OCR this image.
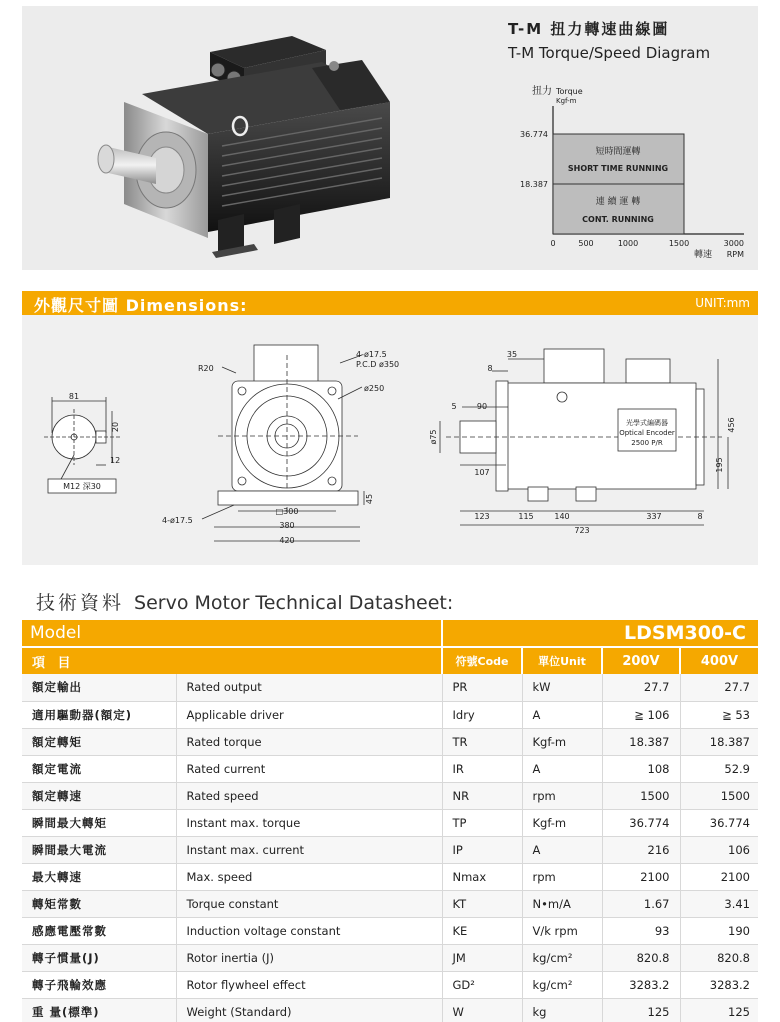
T-M 扭力轉速曲線圖
T-M Torque/Speed Diagram
扭力 Torque
Kgf-m
短時間運轉
SHORT TIME RUNNING
連 續 運 轉
CONT. RUNNING
36.774
18.387
0	500	1000	1500	3000
轉速 RPM
外觀尺寸圖 Dimensions:	UNIT:mm
81
20
12
M12 深30
R20
4-ø17.5
P.C.D ø350
ø250
□300
380
420
45
4-ø17.5
35
8
5	90
ø75
107
123	115	140	337	8
723
456
195
光學式編碼器
Optical Encoder
2500 P/R
技術資料 Servo Motor Technical Datasheet:
Model		LDSM300-C			
項 目		符號Code	單位Unit	200V	400V
額定輸出	Rated output	PR	kW	27.7	27.7
適用驅動器(額定)	Applicable driver	Idry	A	≧ 106	≧ 53
額定轉矩	Rated torque	TR	Kgf-m	18.387	18.387
額定電流	Rated current	IR	A	108	52.9
額定轉速	Rated speed	NR	rpm	1500	1500
瞬間最大轉矩	Instant max. torque	TP	Kgf-m	36.774	36.774
瞬間最大電流	Instant max. current	IP	A	216	106
最大轉速	Max. speed	Nmax	rpm	2100	2100
轉矩常數	Torque constant	KT	N•m/A	1.67	3.41
感應電壓常數	Induction voltage constant	KE	V/k rpm	93	190
轉子慣量(J)	Rotor inertia (J)	JM	kg/cm²	820.8	820.8
轉子飛輪效應	Rotor flywheel effect	GD²	kg/cm²	3283.2	3283.2
重 量(標準)	Weight (Standard)	W	kg	125	125
